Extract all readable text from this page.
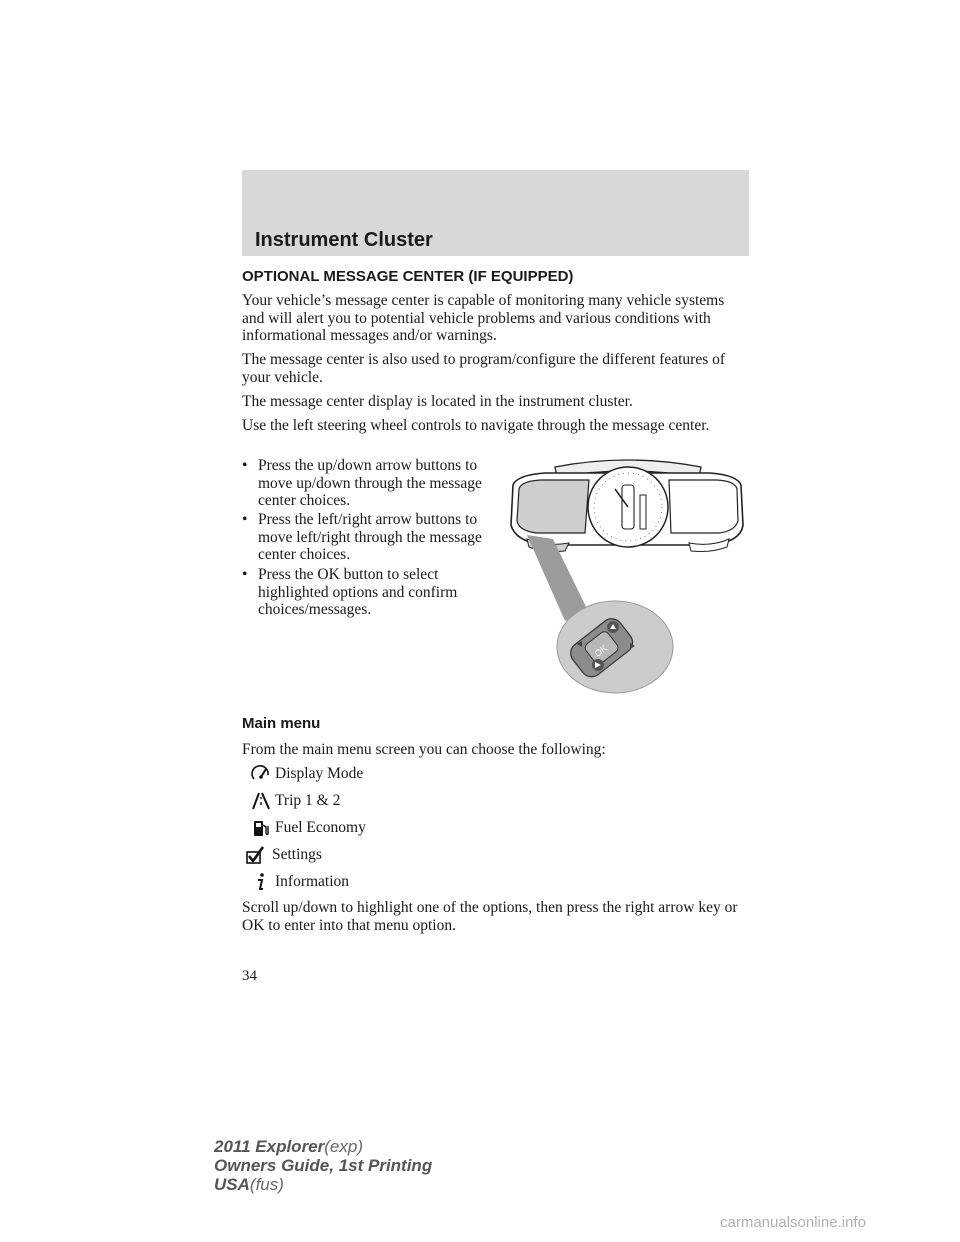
Instrument Cluster
OPTIONAL MESSAGE CENTER (IF EQUIPPED)

Your vehicle’s message center is capable of monitoring many vehicle systems and will alert you to potential vehicle problems and various conditions with informational messages and/or warnings.

The message center is also used to program/configure the different features of your vehicle.

The message center display is located in the instrument cluster.

Use the left steering wheel controls to navigate through the message center.

• Press the up/down arrow buttons to move up/down through the message center choices.
• Press the left/right arrow buttons to move left/right through the message center choices.
• Press the OK button to select highlighted options and confirm choices/messages.
OK
Main menu

From the main menu screen you can choose the following:

Display Mode
Trip 1 & 2
Fuel Economy
Settings
Information

Scroll up/down to highlight one of the options, then press the right arrow key or OK to enter into that menu option.

34
2011 Explorer(exp)
Owners Guide, 1st Printing
USA(fus)
carmanualsonline.info
